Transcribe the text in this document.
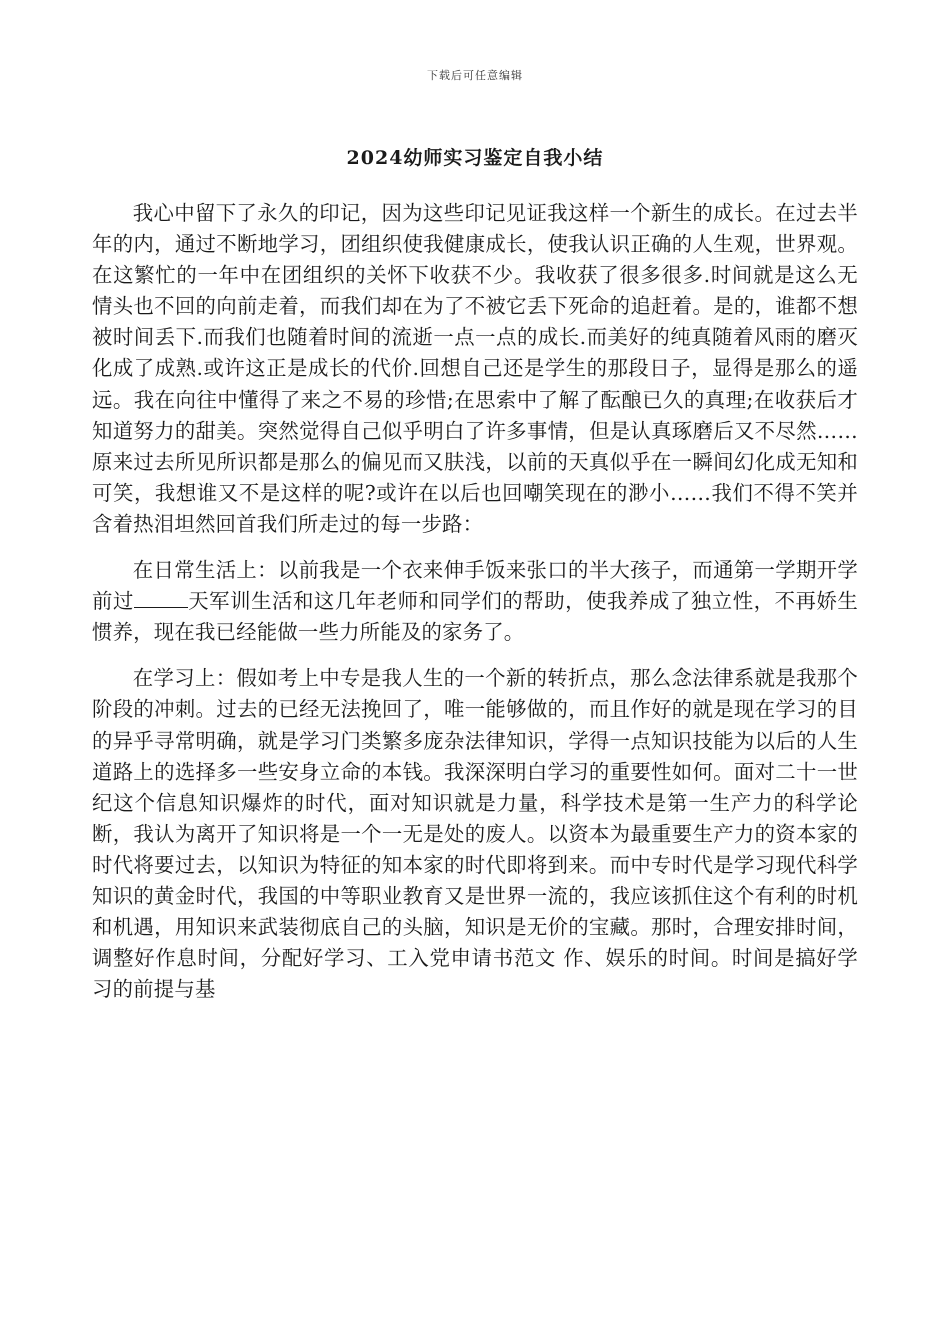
下载后可任意编辑
2024幼师实习鉴定自我小结

我心中留下了永久的印记，因为这些印记见证我这样一个新生的成长。在过去半年的内，通过不断地学习，团组织使我健康成长，使我认识正确的人生观，世界观。在这繁忙的一年中在团组织的关怀下收获不少。我收获了很多很多.时间就是这么无情头也不回的向前走着，而我们却在为了不被它丢下死命的追赶着。是的，谁都不想被时间丢下.而我们也随着时间的流逝一点一点的成长.而美好的纯真随着风雨的磨灭化成了成熟.或许这正是成长的代价.回想自己还是学生的那段日子，显得是那么的遥远。我在向往中懂得了来之不易的珍惜;在思索中了解了酝酿已久的真理;在收获后才知道努力的甜美。突然觉得自己似乎明白了许多事情，但是认真琢磨后又不尽然……原来过去所见所识都是那么的偏见而又肤浅，以前的天真似乎在一瞬间幻化成无知和可笑，我想谁又不是这样的呢?或许在以后也回嘲笑现在的渺小……我们不得不笑并含着热泪坦然回首我们所走过的每一步路：

在日常生活上：以前我是一个衣来伸手饭来张口的半大孩子，而通第一学期开学前过	天军训生活和这几年老师和同学们的帮助，使我养成了独立性，不再娇生惯养，现在我已经能做一些力所能及的家务了。

在学习上：假如考上中专是我人生的一个新的转折点，那么念法律系就是我那个阶段的冲刺。过去的已经无法挽回了，唯一能够做的，而且作好的就是现在学习的目的异乎寻常明确，就是学习门类繁多庞杂法律知识，学得一点知识技能为以后的人生道路上的选择多一些安身立命的本钱。我深深明白学习的重要性如何。面对二十一世纪这个信息知识爆炸的时代，面对知识就是力量，科学技术是第一生产力的科学论断，我认为离开了知识将是一个一无是处的废人。以资本为最重要生产力的资本家的时代将要过去，以知识为特征的知本家的时代即将到来。而中专时代是学习现代科学知识的黄金时代，我国的中等职业教育又是世界一流的，我应该抓住这个有利的时机和机遇，用知识来武装彻底自己的头脑，知识是无价的宝藏。那时，合理安排时间，调整好作息时间，分配好学习、工入党申请书范文 作、娱乐的时间。时间是搞好学习的前提与基
